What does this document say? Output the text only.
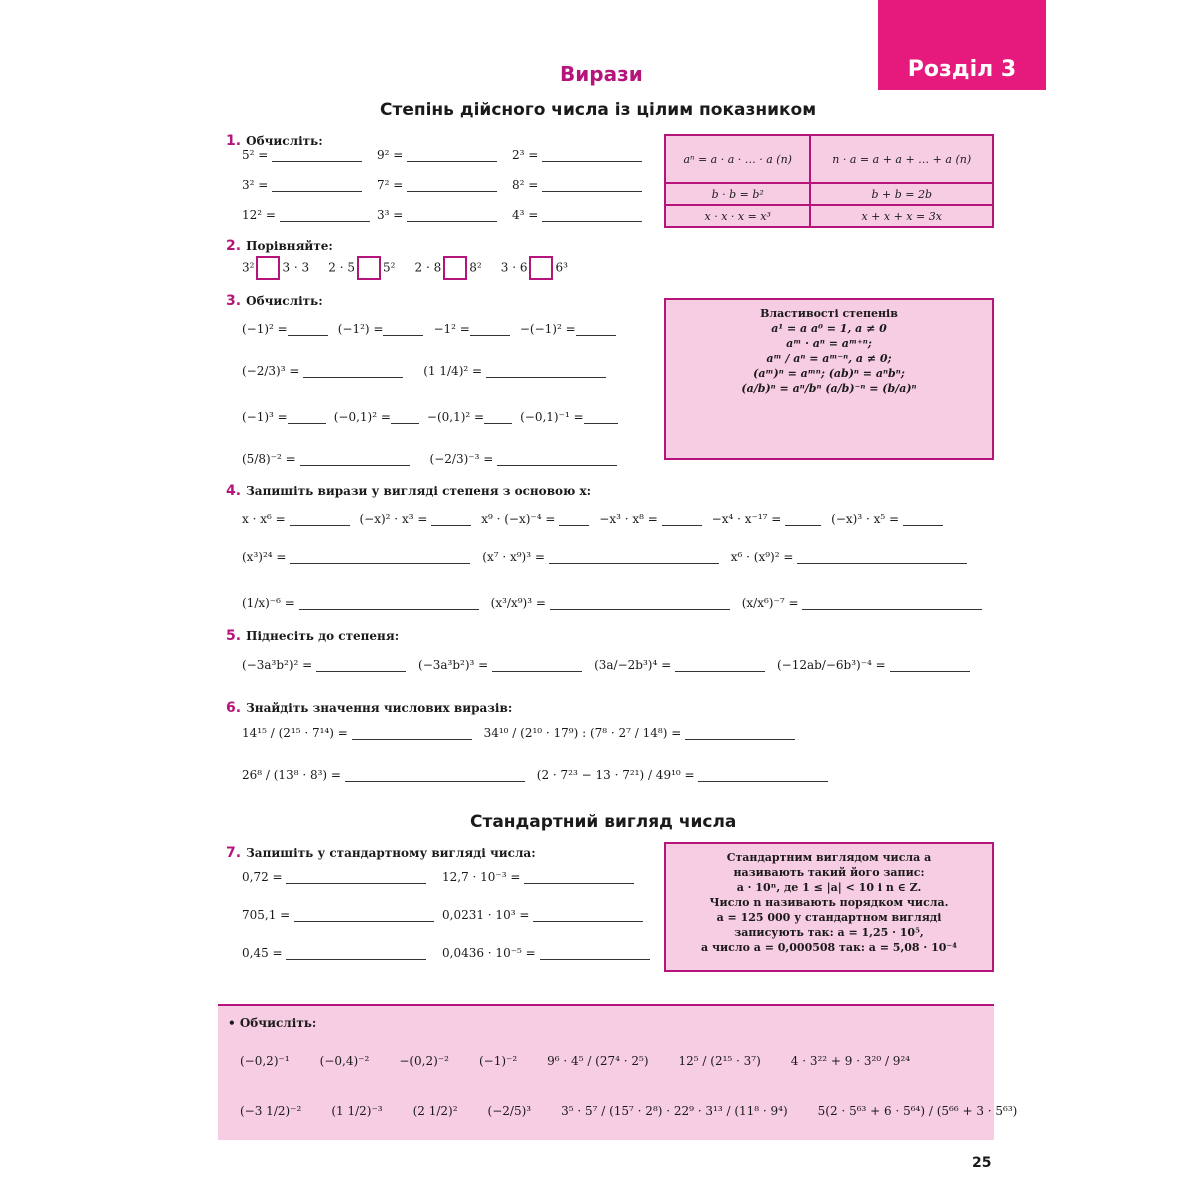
Розділ 3
Вирази
Степінь дійсного числа із цілим показником
1. Обчисліть:
5² =	9² =	2³ =
3² =	7² =	8² =
12² =	3³ =	4³ =
aⁿ = a · a · … · a (n)	n · a = a + a + … + a (n)
b · b = b²	b + b = 2b
x · x · x = x³	x + x + x = 3x
2. Порівняйте:
3² 3 · 3 2 · 5 5² 2 · 8 8² 3 · 6 6³
3. Обчисліть:
(−1)² =	(−1²) =	−1² =	−(−1)² =
(−2/3)³ =	(1 1/4)² =
(−1)³ =	(−0,1)² =	−(0,1)² =	(−0,1)⁻¹ =
(5/8)⁻² =	(−2/3)⁻³ =
Властивості степенів
a¹ = a a⁰ = 1, a ≠ 0
aᵐ · aⁿ = aᵐ⁺ⁿ;
aᵐ / aⁿ = aᵐ⁻ⁿ, a ≠ 0;
(aᵐ)ⁿ = aᵐⁿ; (ab)ⁿ = aⁿbⁿ;
(a/b)ⁿ = aⁿ/bⁿ (a/b)⁻ⁿ = (b/a)ⁿ
4. Запишіть вирази у вигляді степеня з основою x:
x · x⁶ =	(−x)² · x³ =	x⁹ · (−x)⁻⁴ =	−x³ · x⁸ =	−x⁴ · x⁻¹⁷ =	(−x)³ · x⁵ =
(x³)²⁴ =	(x⁷ · x⁹)³ =	x⁶ · (x⁹)² =
(1/x)⁻⁶ =	(x³/x⁹)³ =	(x/x⁶)⁻⁷ =
5. Піднесіть до степеня:
(−3a³b²)² =	(−3a³b²)³ =	(3a/−2b³)⁴ =	(−12ab/−6b³)⁻⁴ =
6. Знайдіть значення числових виразів:
14¹⁵ / (2¹⁵ · 7¹⁴) =	34¹⁰ / (2¹⁰ · 17⁹) : (7⁸ · 2⁷ / 14⁸) =
26⁸ / (13⁸ · 8³) =	(2 · 7²³ − 13 · 7²¹) / 49¹⁰ =
Стандартний вигляд числа
7. Запишіть у стандартному вигляді числа:
0,72 =	12,7 · 10⁻³ =
705,1 =	0,0231 · 10³ =
0,45 =	0,0436 · 10⁻⁵ =
Стандартним виглядом числа a
називають такий його запис:
a · 10ⁿ, де 1 ≤ |a| < 10 і n ∈ Z.
Число n називають порядком числа.
a = 125 000 у стандартном вигляді
записують так: a = 1,25 · 10⁵,
а число a = 0,000508 так: a = 5,08 · 10⁻⁴
• Обчисліть:
(−0,2)⁻¹	(−0,4)⁻²	−(0,2)⁻²	(−1)⁻²	9⁶ · 4⁵ / (27⁴ · 2⁵)	12⁵ / (2¹⁵ · 3⁷)	4 · 3²² + 9 · 3²⁰ / 9²⁴
(−3 1/2)⁻²	(1 1/2)⁻³	(2 1/2)²	(−2/5)³	3⁵ · 5⁷ / (15⁷ · 2⁸) · 22⁹ · 3¹³ / (11⁸ · 9⁴)	5(2 · 5⁶³ + 6 · 5⁶⁴) / (5⁶⁶ + 3 · 5⁶³)
25
